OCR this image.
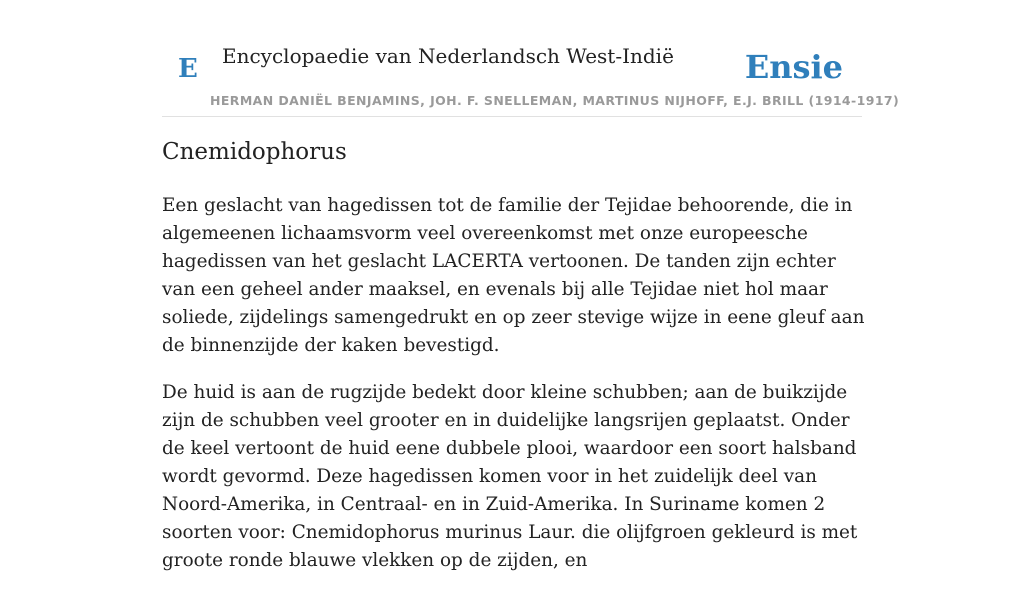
E Encyclopaedie van Nederlandsch West-Indië Ensie
HERMAN DANIËL BENJAMINS, JOH. F. SNELLEMAN, MARTINUS NIJHOFF, E.J. BRILL (1914-1917)
Cnemidophorus

Een geslacht van hagedissen tot de familie der Tejidae behoorende, die in algemeenen lichaamsvorm veel overeenkomst met onze europeesche hagedissen van het geslacht LACERTA vertoonen. De tanden zijn echter van een geheel ander maaksel, en evenals bij alle Tejidae niet hol maar soliede, zijdelings samengedrukt en op zeer stevige wijze in eene gleuf aan de binnenzijde der kaken bevestigd.

De huid is aan de rugzijde bedekt door kleine schubben; aan de buikzijde zijn de schubben veel grooter en in duidelijke langsrijen geplaatst. Onder de keel vertoont de huid eene dubbele plooi, waardoor een soort halsband wordt gevormd. Deze hagedissen komen voor in het zuidelijk deel van Noord-Amerika, in Centraal- en in Zuid-Amerika. In Suriname komen 2 soorten voor: Cnemidophorus murinus Laur. die olijfgroen gekleurd is met groote ronde blauwe vlekken op de zijden, en
